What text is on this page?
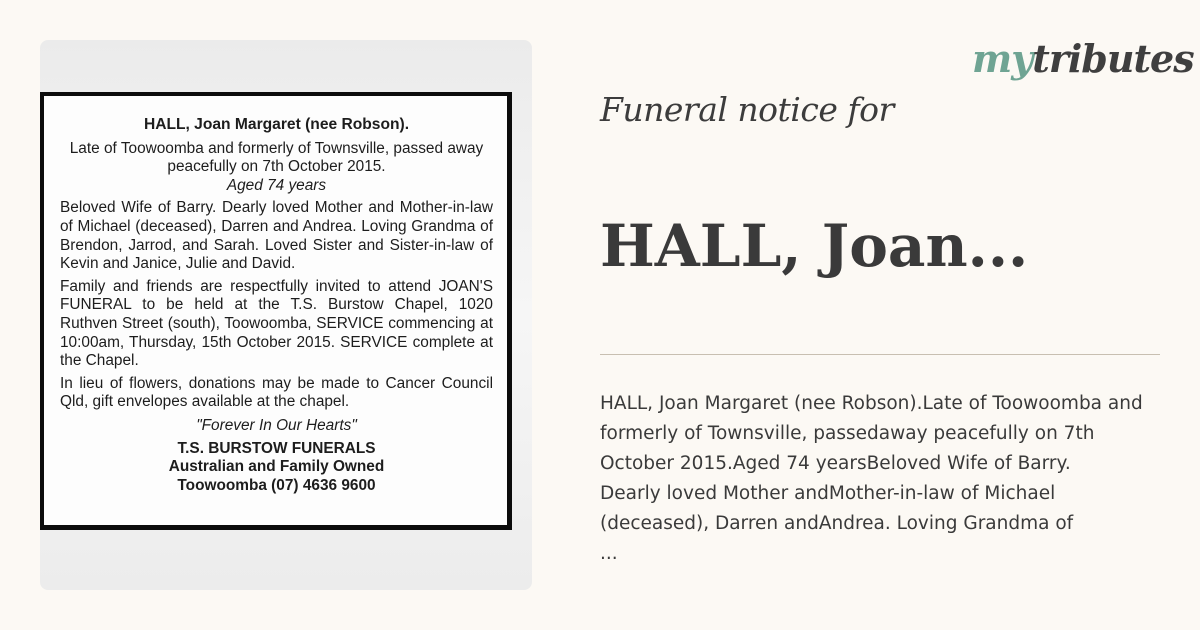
HALL, Joan Margaret (nee Robson).
Late of Toowoomba and formerly of Townsville, passed away peacefully on 7th October 2015.
Aged 74 years
Beloved Wife of Barry. Dearly loved Mother and Mother-in-law of Michael (deceased), Darren and Andrea. Loving Grandma of Brendon, Jarrod, and Sarah. Loved Sister and Sister-in-law of Kevin and Janice, Julie and David.
Family and friends are respectfully invited to attend JOAN'S FUNERAL to be held at the T.S. Burstow Chapel, 1020 Ruthven Street (south), Toowoomba, SERVICE commencing at 10:00am, Thursday, 15th October 2015. SERVICE complete at the Chapel.
In lieu of flowers, donations may be made to Cancer Council Qld, gift envelopes available at the chapel.
"Forever In Our Hearts"
T.S. BURSTOW FUNERALS
Australian and Family Owned
Toowoomba (07) 4636 9600
mytributes
Funeral notice for
HALL, Joan...
HALL, Joan Margaret (nee Robson).Late of Toowoomba and
formerly of Townsville, passedaway peacefully on 7th
October 2015.Aged 74 yearsBeloved Wife of Barry.
Dearly loved Mother andMother-in-law of Michael
(deceased), Darren andAndrea. Loving Grandma of
...
